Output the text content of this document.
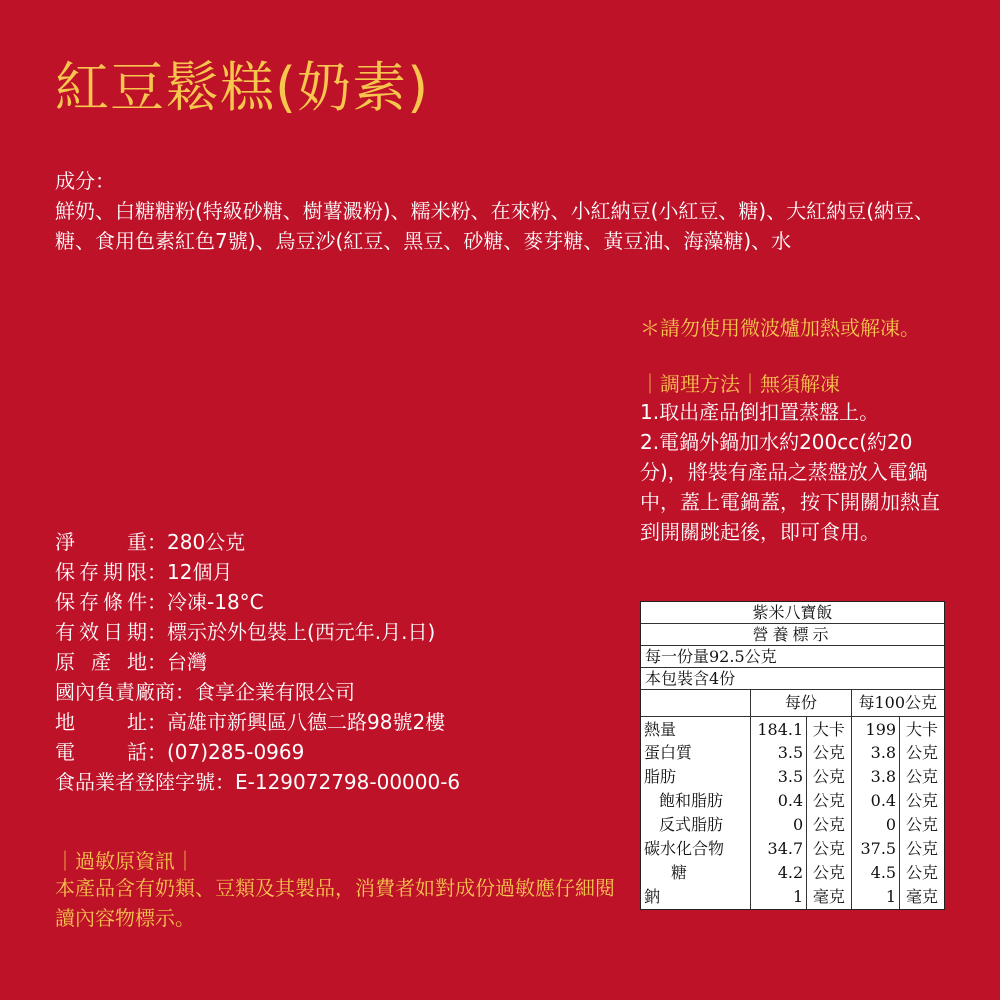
紅豆鬆糕(奶素)
成分：
鮮奶、白糖糖粉(特級砂糖、樹薯澱粉)、糯米粉、在來粉、小紅納豆(小紅豆、糖)、大紅納豆(納豆、糖、食用色素紅色7號)、烏豆沙(紅豆、黑豆、砂糖、麥芽糖、黃豆油、海藻糖)、水
＊請勿使用微波爐加熱或解凍。
｜調理方法｜無須解凍
1.取出產品倒扣置蒸盤上。
2.電鍋外鍋加水約200cc(約20分)，將裝有產品之蒸盤放入電鍋中，蓋上電鍋蓋，按下開關加熱直到開關跳起後，即可食用。
淨重 ： 280公克
保存期限 ： 12個月
保存條件 ： 冷凍-18°C
有效日期 ： 標示於外包裝上(西元年.月.日)
原產地 ： 台灣
國內負責廠商 ： 食享企業有限公司
地址 ： 高雄市新興區八德二路98號2樓
電話 ： (07)285-0969
食品業者登陸字號 ： E-129072798-00000-6
｜過敏原資訊｜
本產品含有奶類、豆類及其製品，消費者如對成份過敏應仔細閱讀內容物標示。
紫米八寶飯
營養標示
每一份量92.5公克
本包裝含4份
	每份		每100公克	
熱量	184.1	大卡	199	大卡
蛋白質	3.5	公克	3.8	公克
脂肪	3.5	公克	3.8	公克
飽和脂肪	0.4	公克	0.4	公克
反式脂肪	0	公克	0	公克
碳水化合物	34.7	公克	37.5	公克
糖	4.2	公克	4.5	公克
鈉	1	毫克	1	毫克
